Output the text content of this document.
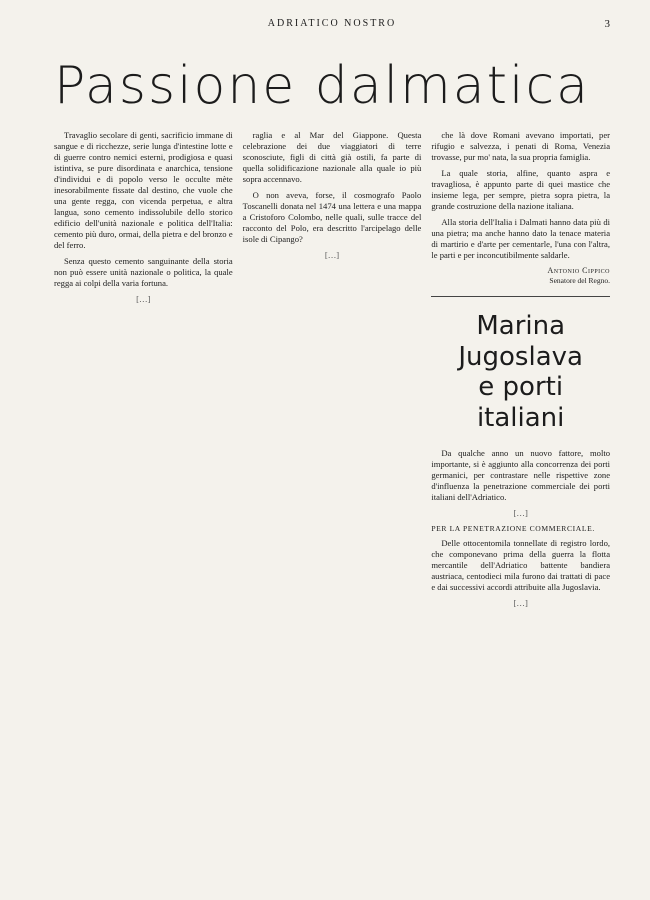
ADRIATICO NOSTRO	3
Passione dalmatica

Travaglio secolare di genti, sacrificio immane di sangue e di ricchezze, serie lunga d'intestine lotte e di guerre contro nemici esterni, prodigiosa e quasi istintiva, se pure disordinata e anarchica, tensione d'individui e di popolo verso le occulte mète inesorabilmente fissate dal destino, che vuole che una gente regga, con vicenda perpetua, e altra langua, sono cemento indissolubile dello storico edificio dell'unità nazionale e politica dell'Italia: cemento più duro, ormai, della pietra e del bronzo e del ferro.

Senza questo cemento sanguinante della storia non può essere unità nazionale o politica, la quale regga ai colpi della varia fortuna.

[…]

raglia e al Mar del Giappone. Questa celebrazione dei due viaggiatori di terre sconosciute, figli di città già ostili, fa parte di quella solidificazione nazionale alla quale io più sopra accennavo.

O non aveva, forse, il cosmografo Paolo Toscanelli donata nel 1474 una lettera e una mappa a Cristoforo Colombo, nelle quali, sulle tracce del racconto del Polo, era descritto l'arcipelago delle isole di Cipango?

[…]

che là dove Romani avevano importati, per rifugio e salvezza, i penati di Roma, Venezia trovasse, pur mo' nata, la sua propria famiglia.

La quale storia, alfine, quanto aspra e travagliosa, è appunto parte di quei mastice che insieme lega, per sempre, pietra sopra pietra, la grande costruzione della nazione italiana.

Alla storia dell'Italia i Dalmati hanno data più di una pietra; ma anche hanno dato la tenace materia di martirio e d'arte per cementarle, l'una con l'altra, le parti e per inconcutibilmente saldarle.

Antonio Cippico
Senatore del Regno.
Marina Jugoslava
e porti italiani

Da qualche anno un nuovo fattore, molto importante, si è aggiunto alla concorrenza dei porti germanici, per contrastare nelle rispettive zone d'influenza la penetrazione commerciale dei porti italiani dell'Adriatico.

[…]

PER LA PENETRAZIONE COMMERCIALE.

Delle ottocentomila tonnellate di registro lordo, che componevano prima della guerra la flotta mercantile dell'Adriatico battente bandiera austriaca, centodieci mila furono dai trattati di pace e dai successivi accordi attribuite alla Jugoslavia.

[…]
